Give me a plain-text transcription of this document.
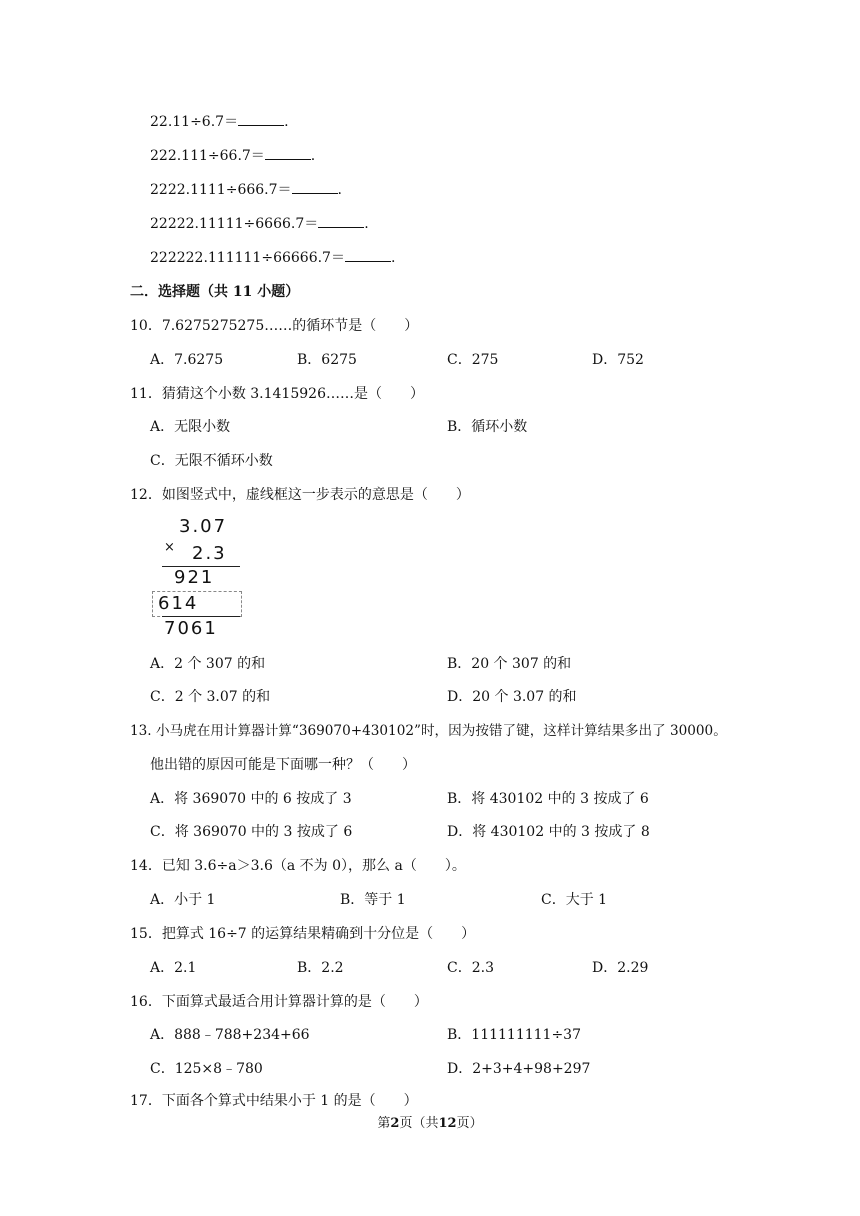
22.11÷6.7＝	.
222.111÷66.7＝	.
2222.1111÷666.7＝	.
22222.11111÷6666.7＝	.
222222.111111÷66666.7＝	.
二．选择题（共 11 小题）
10．7.6275275275……的循环节是（　　）
A．7.6275	B．6275	C．275	D．752
11．猜猜这个小数 3.1415926……是（　　）
A．无限小数	B．循环小数
C．无限不循环小数
12．如图竖式中，虚线框这一步表示的意思是（　　）
3.07
× 2.3
921
614
7061
A．2 个 307 的和	B．20 个 307 的和
C．2 个 3.07 的和	D．20 个 3.07 的和
13. 小马虎在用计算器计算“369070+430102”时，因为按错了键，这样计算结果多出了 30000。
他出错的原因可能是下面哪一种？（　　）
A．将 369070 中的 6 按成了 3	B．将 430102 中的 3 按成了 6
C．将 369070 中的 3 按成了 6	D．将 430102 中的 3 按成了 8
14．已知 3.6÷a＞3.6（a 不为 0），那么 a（　　）。
A．小于 1	B．等于 1	C．大于 1
15．把算式 16÷7 的运算结果精确到十分位是（　　）
A．2.1	B．2.2	C．2.3	D．2.29
16．下面算式最适合用计算器计算的是（　　）
A．888﹣788+234+66	B．111111111÷37
C．125×8﹣780	D．2+3+4+98+297
17．下面各个算式中结果小于 1 的是（　　）
第2页（共12页）
